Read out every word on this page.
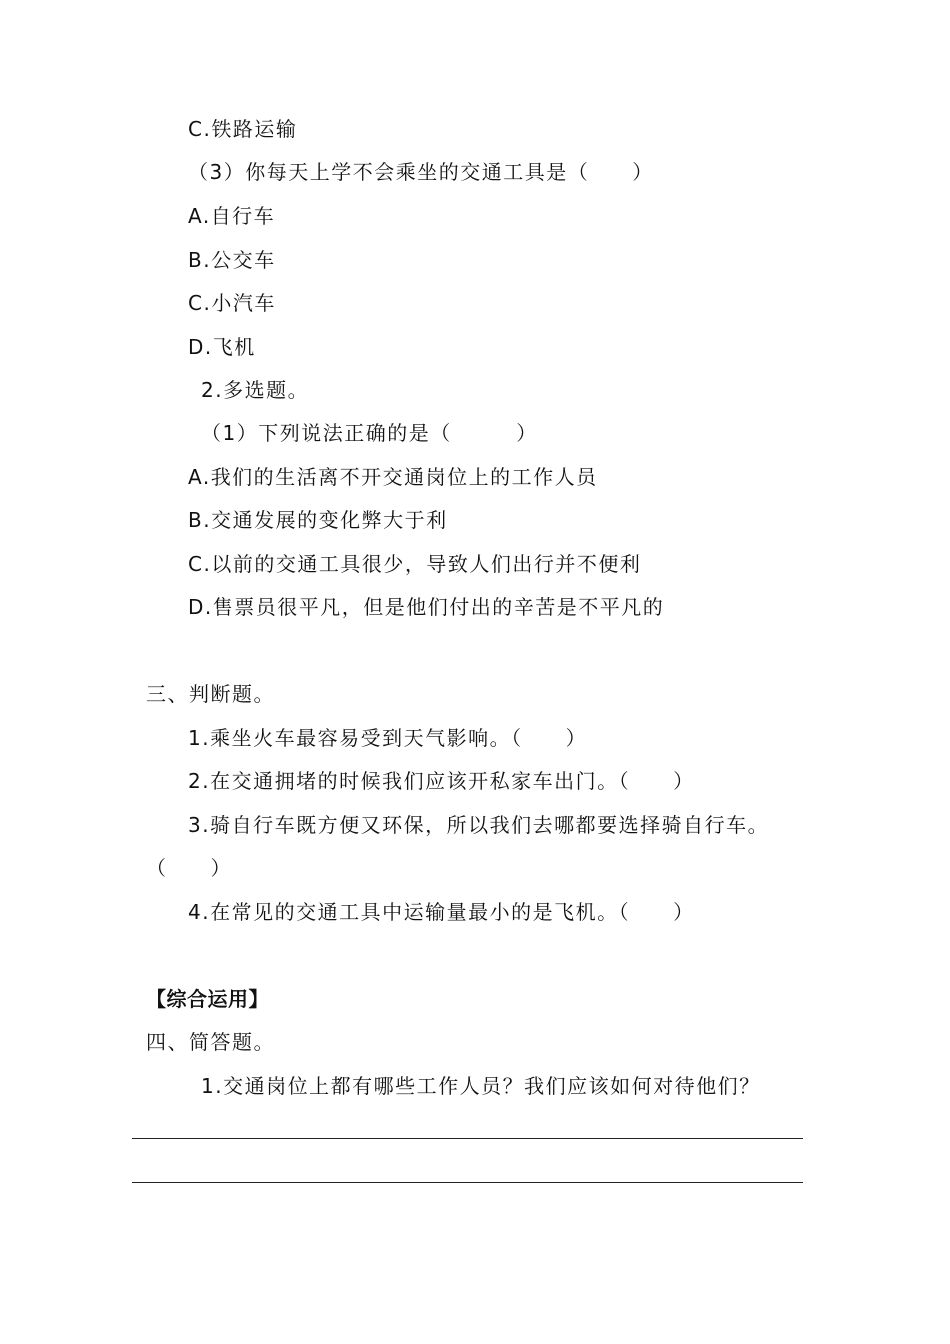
C.铁路运输
（3）你每天上学不会乘坐的交通工具是（　　）
A.自行车
B.公交车
C.小汽车
D.飞机
2.多选题。
（1）下列说法正确的是（　　　）
A.我们的生活离不开交通岗位上的工作人员
B.交通发展的变化弊大于利
C.以前的交通工具很少，导致人们出行并不便利
D.售票员很平凡，但是他们付出的辛苦是不平凡的
三、判断题。
1.乘坐火车最容易受到天气影响。（　　）
2.在交通拥堵的时候我们应该开私家车出门。（　　）
3.骑自行车既方便又环保，所以我们去哪都要选择骑自行车。
（　　）
4.在常见的交通工具中运输量最小的是飞机。（　　）
【综合运用】
四、简答题。
1.交通岗位上都有哪些工作人员？我们应该如何对待他们？
